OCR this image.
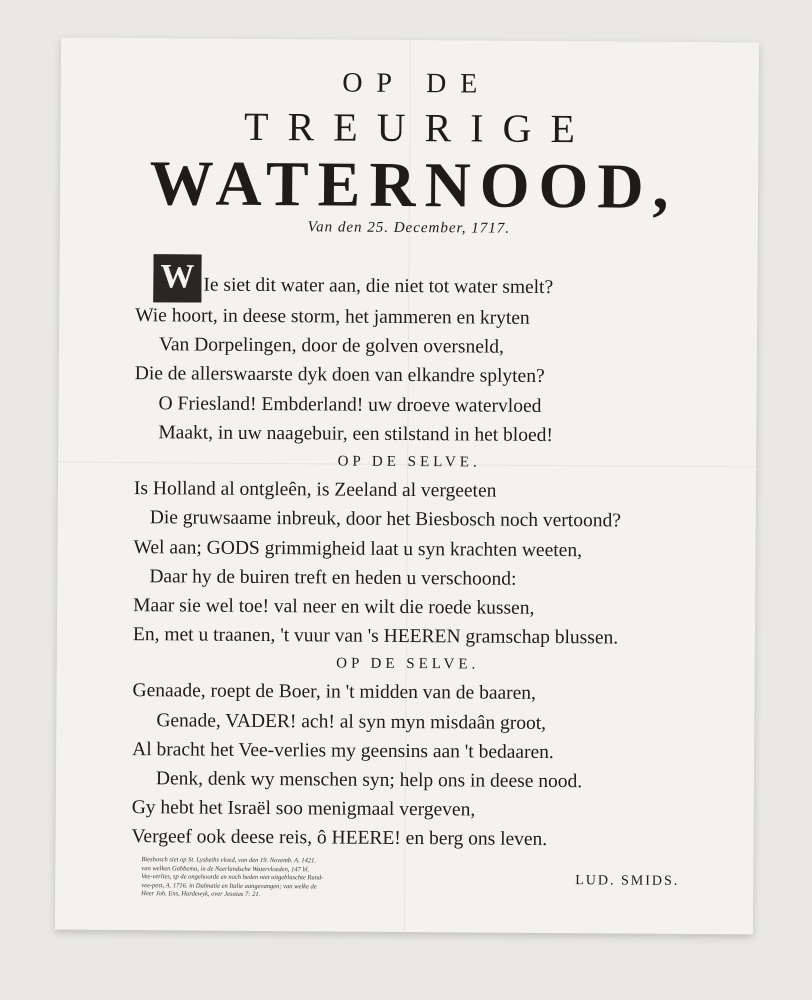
OP DE
TREURIGE
WATERNOOD,
Van den 25. December, 1717.
W Ie siet dit water aan, die niet tot water smelt?
Wie hoort, in deese storm, het jammeren en kryten
Van Dorpelingen, door de golven oversneld,
Die de allerswaarste dyk doen van elkandre splyten?
O Friesland! Embderland! uw droeve watervloed
Maakt, in uw naagebuir, een stilstand in het bloed!
OP DE SELVE.
Is Holland al ontgleên, is Zeeland al vergeeten
Die gruwsaame inbreuk, door het Biesbosch noch vertoond?
Wel aan; GODS grimmigheid laat u syn krachten weeten,
Daar hy de buiren treft en heden u verschoond:
Maar sie wel toe! val neer en wilt die roede kussen,
En, met u traanen, 't vuur van 's HEEREN gramschap blussen.
OP DE SELVE.
Genaade, roept de Boer, in 't midden van de baaren,
Genade, VADER! ach! al syn myn misdaân groot,
Al bracht het Vee-verlies my geensins aan 't bedaaren.
Denk, denk wy menschen syn; help ons in deese nood.
Gy hebt het Israël soo menigmaal vergeven,
Vergeef ook deese reis, ô HEERE! en berg ons leven.
Biesbosch siet op St. Lysbeths vloed, van den 19. Novemb. A. 1421.
van welken Gabbema, in de Neerlandsche Watervloeden, 147 bl.
Vee-verlies, sp de ongehoorde en noch heden niet uitgebluschte Rund-
vee-pest, A. 1716. in Dalmatie en Italie aangevangen; van welke de
Heer Joh. Ens, Hardewyk, over Jesaias 7: 21.
LUD. SMIDS.
